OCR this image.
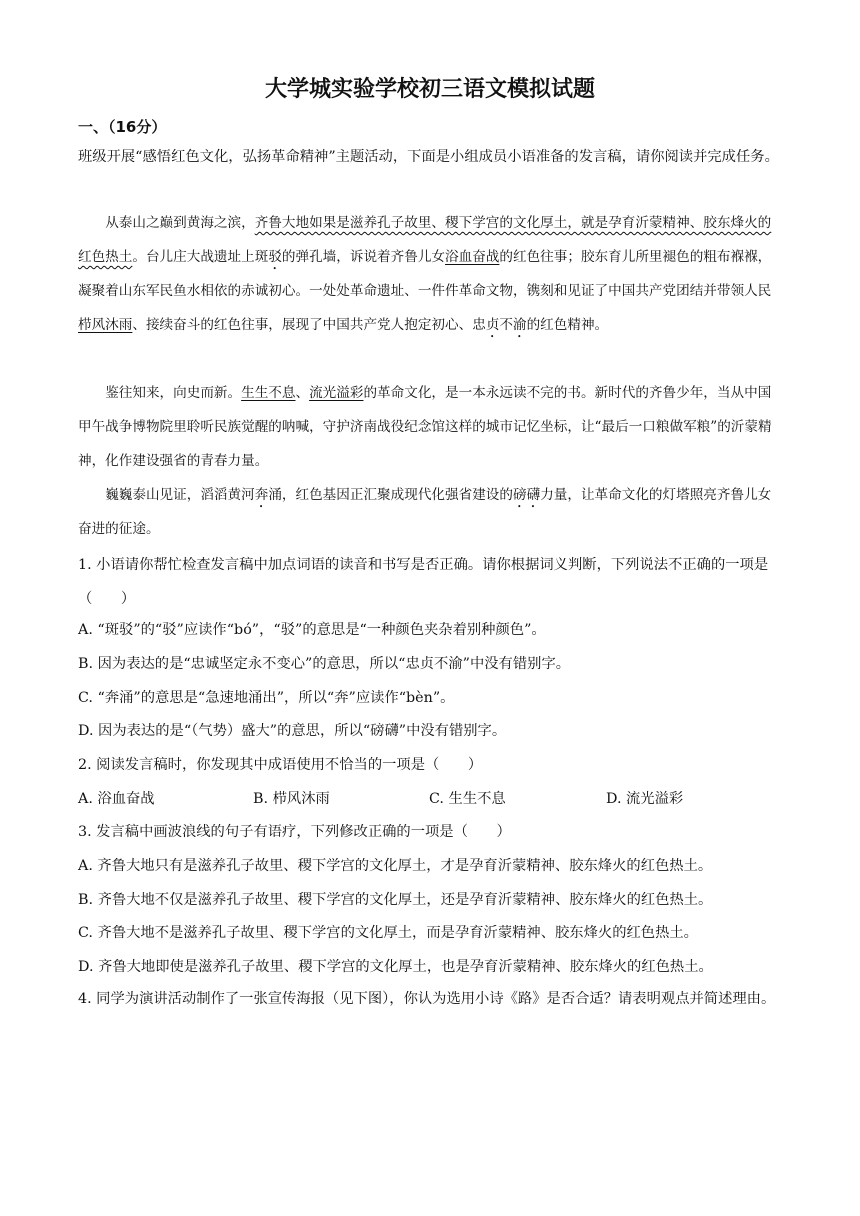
大学城实验学校初三语文模拟试题
一、（16分）

班级开展“感悟红色文化，弘扬革命精神”主题活动，下面是小组成员小语准备的发言稿，请你阅读并完成任务。

从泰山之巅到黄海之滨，齐鲁大地如果是滋养孔子故里、稷下学宫的文化厚土，就是孕育沂蒙精神、胶东烽火的红色热土。台儿庄大战遗址上斑驳的弹孔墙，诉说着齐鲁儿女浴血奋战的红色往事；胶东育儿所里褪色的粗布褓褓，凝聚着山东军民鱼水相依的赤诚初心。一处处革命遗址、一件件革命文物，镌刻和见证了中国共产党团结并带领人民栉风沐雨、接续奋斗的红色往事，展现了中国共产党人抱定初心、忠贞不渝的红色精神。

鉴往知来，向史而新。生生不息、流光溢彩的革命文化，是一本永远读不完的书。新时代的齐鲁少年，当从中国甲午战争博物院里聆听民族觉醒的呐喊，守护济南战役纪念馆这样的城市记忆坐标，让“最后一口粮做军粮”的沂蒙精神，化作建设强省的青春力量。

巍巍泰山见证，滔滔黄河奔涌，红色基因正汇聚成现代化强省建设的磅礴力量，让革命文化的灯塔照亮齐鲁儿女奋进的征途。

1. 小语请你帮忙检查发言稿中加点词语的读音和书写是否正确。请你根据词义判断，下列说法不正确的一项是（　　）

A. “斑驳”的“驳”应读作“bó”，“驳”的意思是“一种颜色夹杂着别种颜色”。
B. 因为表达的是“忠诚坚定永不变心”的意思，所以“忠贞不渝”中没有错别字。
C. “奔涌”的意思是“急速地涌出”，所以“奔”应读作“bèn”。
D. 因为表达的是“（气势）盛大”的意思，所以“磅礴”中没有错别字。
2. 阅读发言稿时，你发现其中成语使用不恰当的一项是（　　）
A. 浴血奋战	B. 栉风沐雨	C. 生生不息	D. 流光溢彩
3. 发言稿中画波浪线的句子有语疗，下列修改正确的一项是（　　）
A. 齐鲁大地只有是滋养孔子故里、稷下学宫的文化厚土，才是孕育沂蒙精神、胶东烽火的红色热土。
B. 齐鲁大地不仅是滋养孔子故里、稷下学宫的文化厚土，还是孕育沂蒙精神、胶东烽火的红色热土。
C. 齐鲁大地不是滋养孔子故里、稷下学宫的文化厚土，而是孕育沂蒙精神、胶东烽火的红色热土。
D. 齐鲁大地即使是滋养孔子故里、稷下学宫的文化厚土，也是孕育沂蒙精神、胶东烽火的红色热土。

4. 同学为演讲活动制作了一张宣传海报（见下图），你认为选用小诗《路》是否合适？请表明观点并简述理由。
